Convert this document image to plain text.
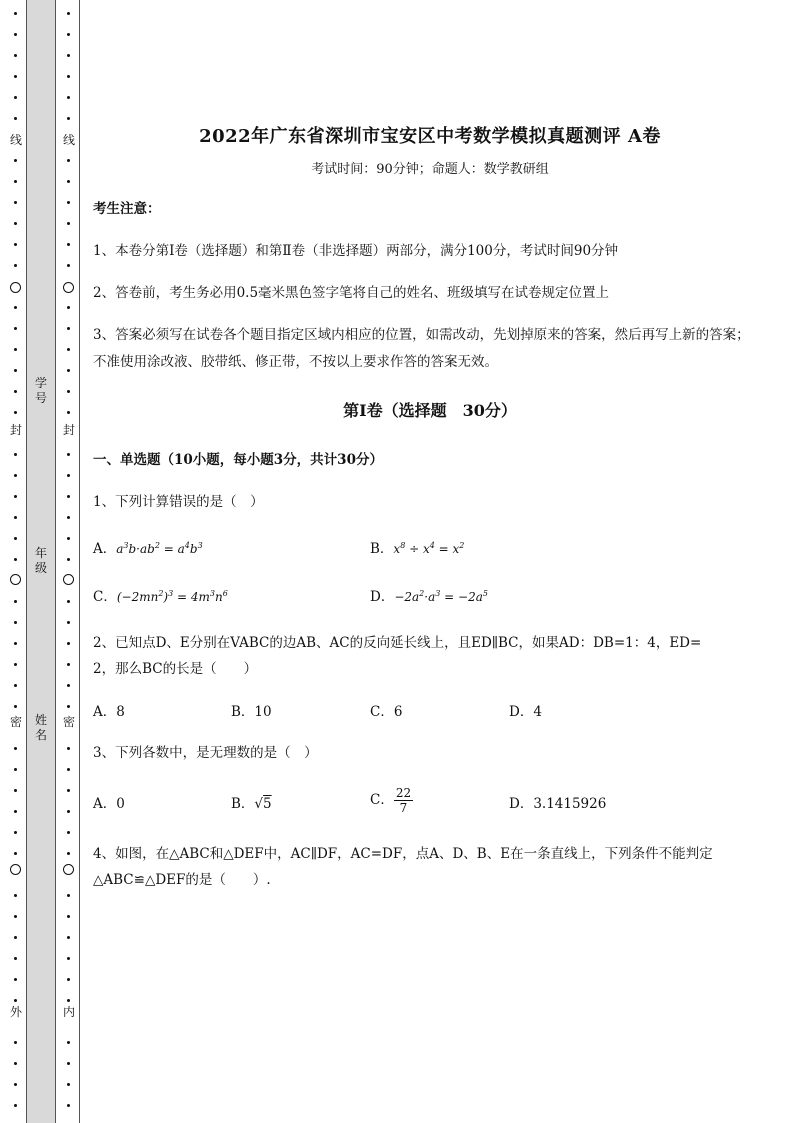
线
封
密
外
线
封
密
内
学号
年级
姓名
2022年广东省深圳市宝安区中考数学模拟真题测评 A卷
考试时间：90分钟；命题人：数学教研组
考生注意：
1、本卷分第I卷（选择题）和第Ⅱ卷（非选择题）两部分，满分100分，考试时间90分钟
2、答卷前，考生务必用0.5毫米黑色签字笔将自己的姓名、班级填写在试卷规定位置上
3、答案必须写在试卷各个题目指定区域内相应的位置，如需改动，先划掉原来的答案，然后再写上新的答案；不准使用涂改液、胶带纸、修正带，不按以上要求作答的答案无效。
第I卷（选择题　30分）
一、单选题（10小题，每小题3分，共计30分）
1、下列计算错误的是（　）
A．$a^3b\cdot ab^2 = a^4b^3$	B．$x^8 \div x^4 = x^2$
C．$(-2mn^2)^3 = 4m^3n^6$	D．$-2a^2\cdot a^3 = -2a^5$
2、已知点D、E分别在VABC的边AB、AC的反向延长线上，且ED∥BC，如果AD：DB=1：4，ED=
2，那么BC的长是（　　）
A．8	B．10	C．6	D．4
3、下列各数中，是无理数的是（　）
A．0	B．√5	C． $\frac{22}{7}$	D．3.1415926
4、如图，在△ABC和△DEF中，AC∥DF，AC=DF，点A、D、B、E在一条直线上，下列条件不能判定
△ABC≌△DEF的是（　　）.
